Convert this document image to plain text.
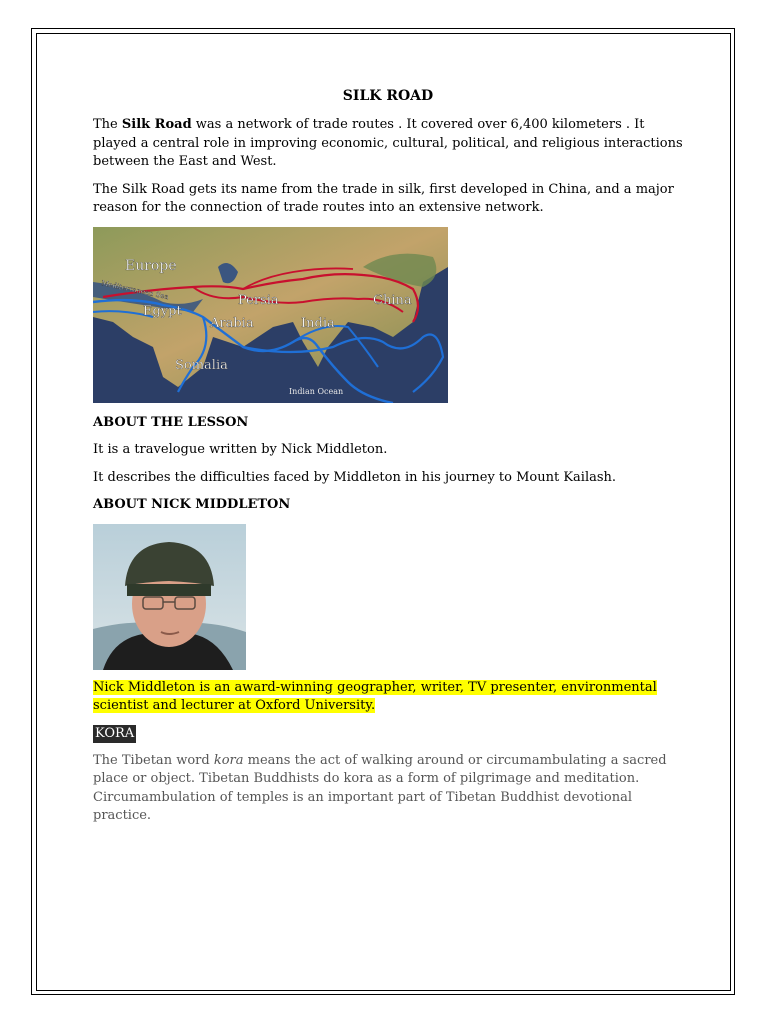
SILK ROAD

The Silk Road was a network of trade routes . It covered over 6,400 kilometers . It played a central role in improving economic, cultural, political, and religious interactions between the East and West.

The Silk Road gets its name from the trade in silk, first developed in China, and a major reason for the connection of trade routes into an extensive network.

Europe
Mediterranean Sea
Egypt
Persia	China
Arabia	India
Somalia
Indian Ocean

ABOUT THE LESSON

It is a travelogue written by Nick Middleton.

It describes the difficulties faced by Middleton in his journey to Mount Kailash.

ABOUT NICK MIDDLETON

Nick Middleton is an award-winning geographer, writer, TV presenter, environmental scientist and lecturer at Oxford University.

KORA

The Tibetan word kora means the act of walking around or circumambulating a sacred place or object. Tibetan Buddhists do kora as a form of pilgrimage and meditation. Circumambulation of temples is an important part of Tibetan Buddhist devotional practice.
